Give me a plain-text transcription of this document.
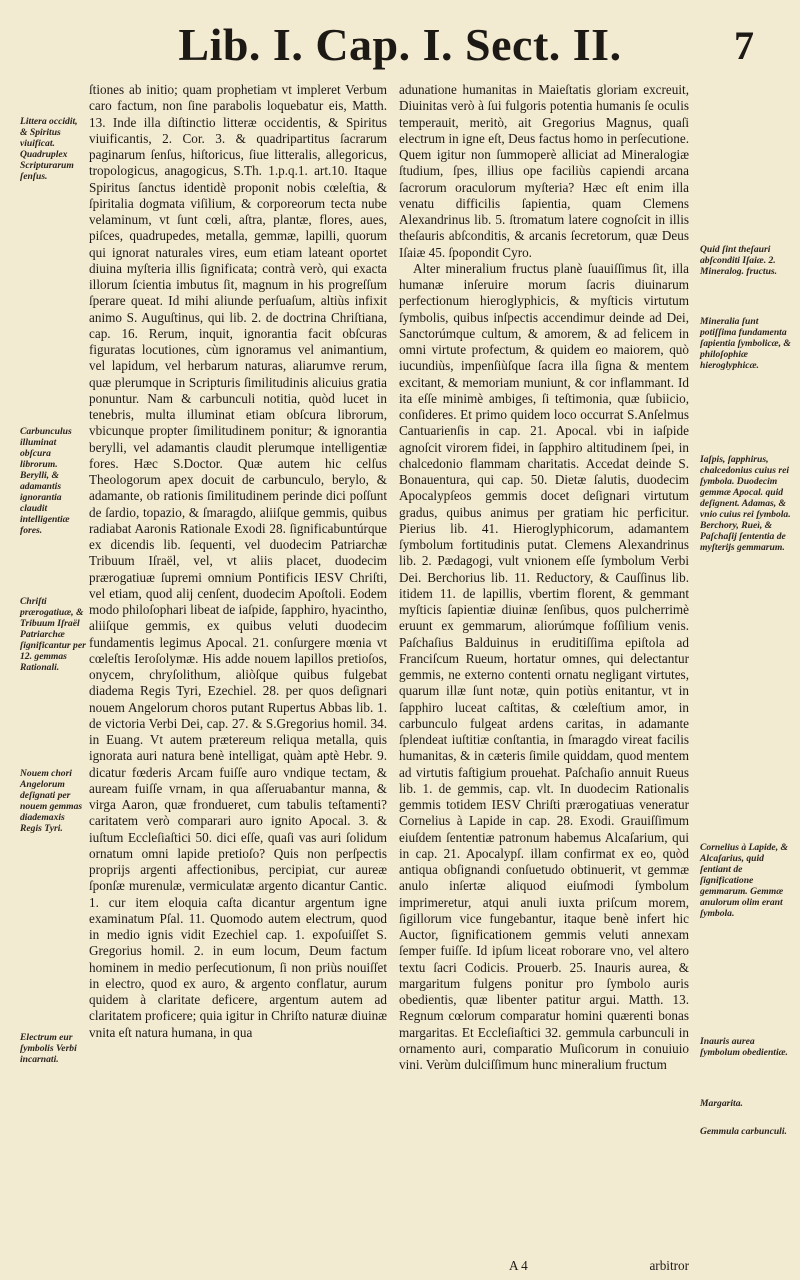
Lib. I. Cap. I. Sect. II.	7
Littera occidit, & Spiritus viuificat. Quadruplex Scripturarum ſenſus.
Carbunculus illuminat obſcura librorum. Berylli, & adamantis ignorantia claudit intelligentiæ fores.
Chriſti prærogatiuæ, & Tribuum Iſraël Patriarchæ ſignificantur per 12. gemmas Rationali.
Nouem chori Angelorum deſignati per nouem gemmas diademaxis Regis Tyri.
Electrum eur ſymbolis Verbi incarnati.

ſtiones ab initio; quam prophetiam vt impleret Verbum caro factum, non ſine parabolis loquebatur eis, Matth. 13. Inde illa diſtinctio litteræ occidentis, & Spiritus viuificantis, 2. Cor. 3. & quadripartitus ſacrarum paginarum ſenſus, hiſtoricus, ſiue litteralis, allegoricus, tropologicus, anagogicus, S.Th. 1.p.q.1. art.10. Itaque Spiritus ſanctus identidè proponit nobis cœleſtia, & ſpiritalia dogmata viſilium, & corporeorum tecta nube velaminum, vt ſunt cœli, aſtra, plantæ, flores, aues, piſces, quadrupedes, metalla, gemmæ, lapilli, quorum qui ignorat naturales vires, eum etiam lateant oportet diuina myſteria illis ſignificata; contrà verò, qui exacta illorum ſcientia imbutus ſit, magnum in his progreſſum ſperare queat. Id mihi aliunde perſuaſum, altiùs infixit animo S. Auguſtinus, qui lib. 2. de doctrina Chriſtiana, cap. 16. Rerum, inquit, ignorantia facit obſcuras figuratas locutiones, cùm ignoramus vel animantium, vel lapidum, vel herbarum naturas, aliarumve rerum, quæ plerumque in Scripturis ſimilitudinis alicuius gratia ponuntur. Nam & carbunculi notitia, quòd lucet in tenebris, multa illuminat etiam obſcura librorum, vbicunque propter ſimilitudinem ponitur; & ignorantia berylli, vel adamantis claudit plerumque intelligentiæ fores. Hæc S.Doctor. Quæ autem hic celſus Theologorum apex docuit de carbunculo, berylo, & adamante, ob rationis ſimilitudinem perinde dici poſſunt de ſardio, topazio, & ſmaragdo, aliiſque gemmis, quibus radiabat Aaronis Rationale Exodi 28. ſignificabuntúrque ex dicendis lib. ſequenti, vel duodecim Patriarchæ Tribuum Iſraël, vel, vt aliis placet, duodecim prærogatiuæ ſupremi omnium Pontificis IESV Chriſti, vel etiam, quod alij cenſent, duodecim Apoſtoli. Eodem modo philoſophari libeat de iaſpide, ſapphiro, hyacintho, aliiſque gemmis, ex quibus veluti duodecim fundamentis legimus Apocal. 21. conſurgere mœnia vt cœleſtis Ieroſolymæ. His adde nouem lapillos pretioſos, onycem, chryſolithum, aliòſque quibus fulgebat diadema Regis Tyri, Ezechiel. 28. per quos deſignari nouem Angelorum choros putant Rupertus Abbas lib. 1. de victoria Verbi Dei, cap. 27. & S.Gregorius homil. 34. in Euang. Vt autem prætereum reliqua metalla, quis ignorata auri natura benè intelligat, quàm aptè Hebr. 9. dicatur fœderis Arcam fuiſſe auro vndique tectam, & auream fuiſſe vrnam, in qua aſſeruabantur manna, & virga Aaron, quæ frondueret, cum tabulis teſtamenti? caritatem verò comparari auro ignito Apocal. 3. & iuſtum Eccleſiaſtici 50. dici eſſe, quaſi vas auri ſolidum ornatum omni lapide pretioſo? Quis non perſpectis proprijs argenti affectionibus, percipiat, cur aureæ ſponſæ murenulæ, vermiculatæ argento dicantur Cantic. 1. cur item eloquia caſta dicantur argentum igne examinatum Pſal. 11. Quomodo autem electrum, quod in medio ignis vidit Ezechiel cap. 1. expoſuiſſet S. Gregorius homil. 2. in eum locum, Deum factum hominem in medio perſecutionum, ſi non priùs nouiſſet in electro, quod ex auro, & argento conflatur, aurum quidem à claritate deficere, argentum autem ad claritatem proficere; quia igitur in Chriſto naturæ diuinæ vnita eſt natura humana, in qua

adunatione humanitas in Maieſtatis gloriam excreuit, Diuinitas verò à ſui fulgoris potentia humanis ſe oculis temperauit, meritò, ait Gregorius Magnus, quaſi electrum in igne eſt, Deus factus homo in perſecutione. Quem igitur non ſummoperè alliciat ad Mineralogiæ ſtudium, ſpes, illius ope faciliùs capiendi arcana ſacrorum oraculorum myſteria? Hæc eſt enim illa venatu difficilis ſapientia, quam Clemens Alexandrinus lib. 5. ſtromatum latere cognoſcit in illis theſauris abſconditis, & arcanis ſecretorum, quæ Deus Iſaiæ 45. ſpopondit Cyro.

Alter mineralium fructus planè ſuauiſſimus ſit, illa humanæ inſeruire morum ſacris diuinarum perfectionum hieroglyphicis, & myſticis virtutum ſymbolis, quibus inſpectis accendimur deinde ad Dei, Sanctorúmque cultum, & amorem, & ad felicem in omni virtute profectum, & quidem eo maiorem, quò iucundiùs, impenſiùſque ſacra illa ſigna & mentem excitant, & memoriam muniunt, & cor inflammant. Id ita eſſe minimè ambiges, ſi teſtimonia, quæ ſubiicio, conſideres. Et primo quidem loco occurrat S.Anſelmus Cantuarienſis in cap. 21. Apocal. vbi in iaſpide agnoſcit virorem fidei, in ſapphiro altitudinem ſpei, in chalcedonio flammam charitatis. Accedat deinde S. Bonauentura, qui cap. 50. Dietæ ſalutis, duodecim Apocalypſeos gemmis docet deſignari virtutum gradus, quibus animus per gratiam hic perficitur. Pierius lib. 41. Hieroglyphicorum, adamantem ſymbolum fortitudinis putat. Clemens Alexandrinus lib. 2. Pædagogi, vult vnionem eſſe ſymbolum Verbi Dei. Berchorius lib. 11. Reductory, & Cauſſinus lib. itidem 11. de lapillis, vbertim florent, & gemmant myſticis ſapientiæ diuinæ ſenſibus, quos pulcherrimè eruunt ex gemmarum, aliorúmque foſſilium venis. Paſchaſius Balduinus in eruditiſſima epiſtola ad Franciſcum Rueum, hortatur omnes, qui delectantur gemmis, ne externo contenti ornatu negligant virtutes, quarum illæ ſunt notæ, quin potiùs enitantur, vt in ſapphiro luceat caſtitas, & cœleſtium amor, in carbunculo fulgeat ardens caritas, in adamante ſplendeat iuſtitiæ conſtantia, in ſmaragdo vireat facilis humanitas, & in cæteris ſimile quiddam, quod mentem ad virtutis faſtigium prouehat. Paſchaſio annuit Rueus lib. 1. de gemmis, cap. vlt. In duodecim Rationalis gemmis totidem IESV Chriſti prærogatiuas veneratur Cornelius à Lapide in cap. 28. Exodi. Grauiſſimum eiuſdem ſententiæ patronum habemus Alcaſarium, qui in cap. 21. Apocalypſ. illam confirmat ex eo, quòd antiqua obſignandi conſuetudo obtinuerit, vt gemmæ anulo inſertæ aliquod eiuſmodi ſymbolum imprimeretur, atqui anuli iuxta priſcum morem, ſigillorum vice fungebantur, itaque benè infert hic Auctor, ſignificationem gemmis veluti annexam ſemper fuiſſe. Id ipſum liceat roborare vno, vel altero textu ſacri Codicis. Prouerb. 25. Inauris aurea, & margaritum fulgens ponitur pro ſymbolo auris obedientis, quæ libenter patitur argui. Matth. 13. Regnum cœlorum comparatur homini quærenti bonas margaritas. Et Eccleſiaſtici 32. gemmula carbunculi in ornamento auri, comparatio Muſicorum in conuiuio vini. Verùm dulciſſimum hunc mineralium fructum

Quid ſint theſauri abſconditi Iſaiæ. 2. Mineralog. fructus.
Mineralia ſunt potiſſima fundamenta ſapientia ſymbolicæ, & philoſophiæ hieroglyphicæ.
Iaſpis, ſapphirus, chalcedonius cuius rei ſymbola. Duodecim gemmæ Apocal. quid deſignent. Adamas, & vnio cuius rei ſymbola. Berchory, Rueì, & Paſchaſij ſententia de myſterijs gemmarum.
Cornelius à Lapide, & Alcaſarius, quid ſentiant de ſignificatione gemmarum. Gemmæ anulorum olim erant ſymbola.
Inauris aurea ſymbolum obedientiæ.
Margarita.
Gemmula carbunculi.
A 4	arbitror
